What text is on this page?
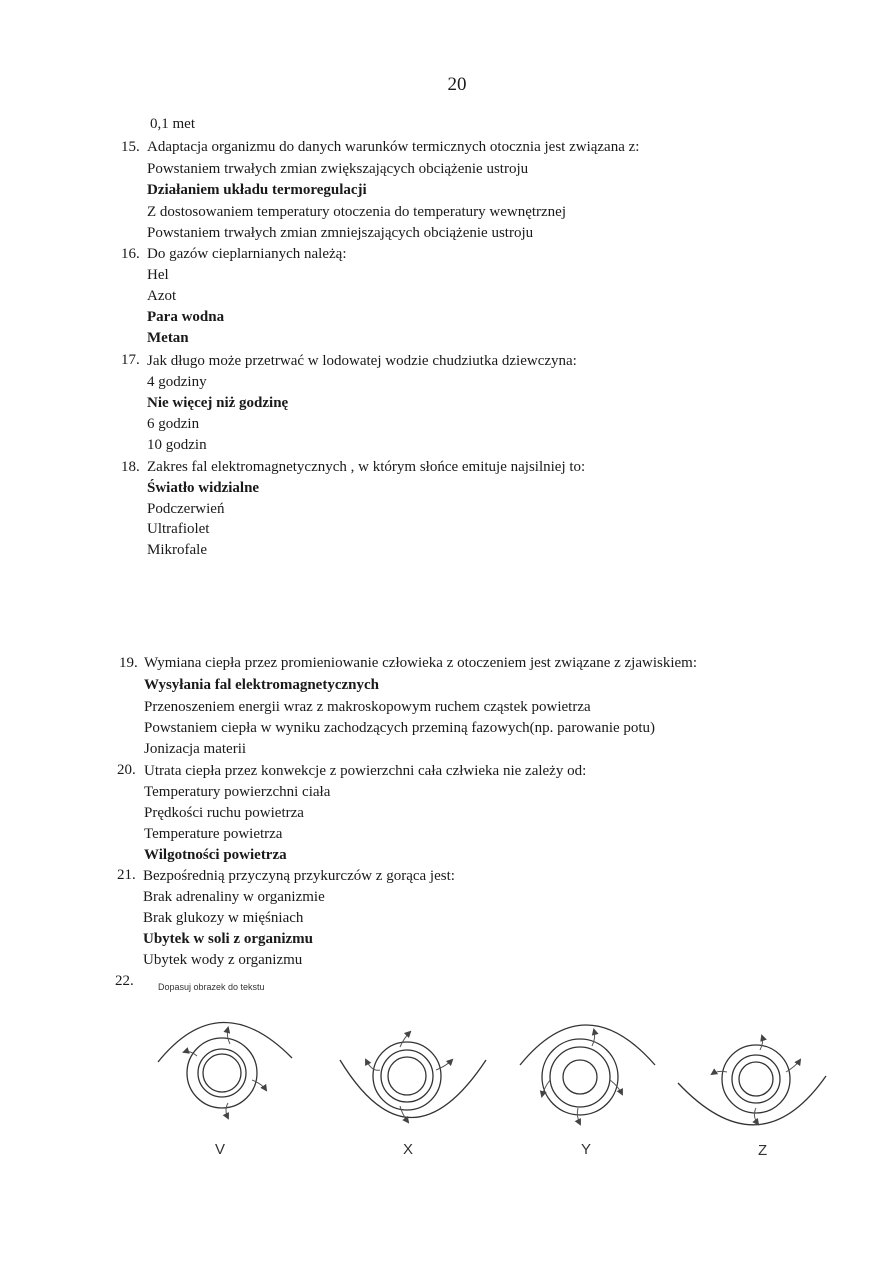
20
0,1 met
15. Adaptacja organizmu do danych warunków termicznych otocznia jest związana z:
Powstaniem trwałych zmian zwiększających obciążenie ustroju
Działaniem układu termoregulacji
Z dostosowaniem temperatury otoczenia do temperatury wewnętrznej
Powstaniem trwałych zmian zmniejszających obciążenie ustroju
16. Do gazów cieplarnianych należą:
Hel
Azot
Para wodna
Metan
17. Jak długo może przetrwać w lodowatej wodzie chudziutka dziewczyna:
4 godziny
Nie więcej niż godzinę
6 godzin
10 godzin
18. Zakres fal elektromagnetycznych , w którym słońce emituje najsilniej to:
Światło widzialne
Podczerwień
Ultrafiolet
Mikrofale
19. Wymiana ciepła przez promieniowanie człowieka z otoczeniem jest związane z zjawiskiem:
Wysyłania fal elektromagnetycznych
Przenoszeniem energii wraz z makroskopowym ruchem cząstek powietrza
Powstaniem ciepła w wyniku zachodzących przeminą fazowych(np. parowanie potu)
Jonizacja materii
20. Utrata ciepła przez konwekcje z powierzchni cała człwieka nie zależy od:
Temperatury powierzchni ciała
Prędkości ruchu powietrza
Temperature powietrza
Wilgotności powietrza
21. Bezpośrednią przyczyną przykurczów z gorąca jest:
Brak adrenaliny w organizmie
Brak glukozy w mięśniach
Ubytek w soli z organizmu
Ubytek wody z organizmu
22.	Dopasuj obrazek do tekstu
V	X	Y	Z
